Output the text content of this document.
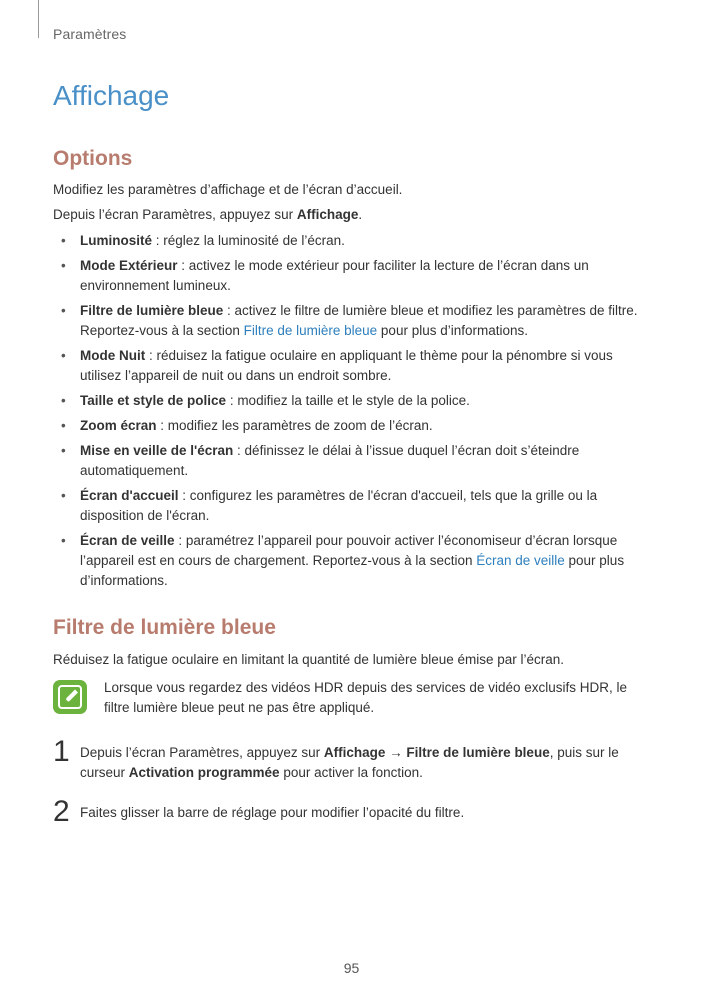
Paramètres
Affichage
Options

Modifiez les paramètres d’affichage et de l’écran d’accueil.

Depuis l’écran Paramètres, appuyez sur Affichage.

• Luminosité : réglez la luminosité de l’écran.
• Mode Extérieur : activez le mode extérieur pour faciliter la lecture de l’écran dans un environnement lumineux.
• Filtre de lumière bleue : activez le filtre de lumière bleue et modifiez les paramètres de filtre. Reportez-vous à la section Filtre de lumière bleue pour plus d’informations.
• Mode Nuit : réduisez la fatigue oculaire en appliquant le thème pour la pénombre si vous utilisez l’appareil de nuit ou dans un endroit sombre.
• Taille et style de police : modifiez la taille et le style de la police.
• Zoom écran : modifiez les paramètres de zoom de l’écran.
• Mise en veille de l'écran : définissez le délai à l’issue duquel l’écran doit s’éteindre automatiquement.
• Écran d'accueil : configurez les paramètres de l'écran d'accueil, tels que la grille ou la disposition de l'écran.
• Écran de veille : paramétrez l’appareil pour pouvoir activer l’économiseur d’écran lorsque l’appareil est en cours de chargement. Reportez-vous à la section Écran de veille pour plus d’informations.
Filtre de lumière bleue

Réduisez la fatigue oculaire en limitant la quantité de lumière bleue émise par l’écran.

Lorsque vous regardez des vidéos HDR depuis des services de vidéo exclusifs HDR, le filtre lumière bleue peut ne pas être appliqué.
1 Depuis l’écran Paramètres, appuyez sur Affichage → Filtre de lumière bleue, puis sur le curseur Activation programmée pour activer la fonction.
2 Faites glisser la barre de réglage pour modifier l’opacité du filtre.
95
